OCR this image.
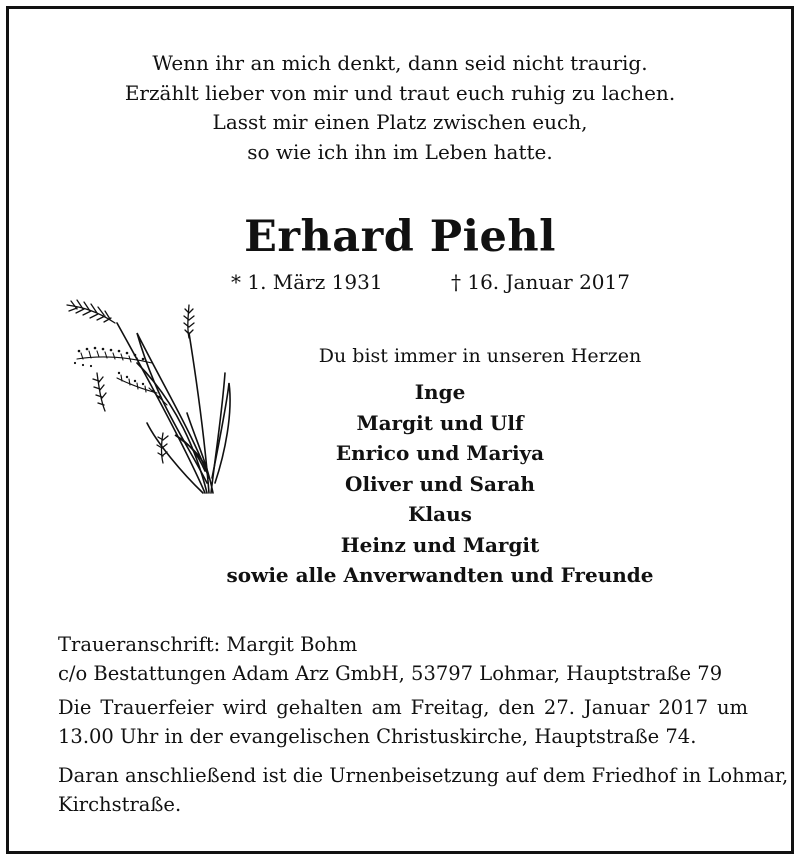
Wenn ihr an mich denkt, dann seid nicht traurig.
Erzählt lieber von mir und traut euch ruhig zu lachen.
Lasst mir einen Platz zwischen euch,
so wie ich ihn im Leben hatte.
Erhard Piehl
* 1. März 1931	† 16. Januar 2017
Du bist immer in unseren Herzen
Inge
Margit und Ulf
Enrico und Mariya
Oliver und Sarah
Klaus
Heinz und Margit
sowie alle Anverwandten und Freunde
Traueranschrift: Margit Bohm
c/o Bestattungen Adam Arz GmbH, 53797 Lohmar, Hauptstraße 79
Die Trauerfeier wird gehalten am Freitag, den 27. Januar 2017 um
13.00 Uhr in der evangelischen Christuskirche, Hauptstraße 74.
Daran anschließend ist die Urnenbeisetzung auf dem Friedhof in Lohmar,
Kirchstraße.
